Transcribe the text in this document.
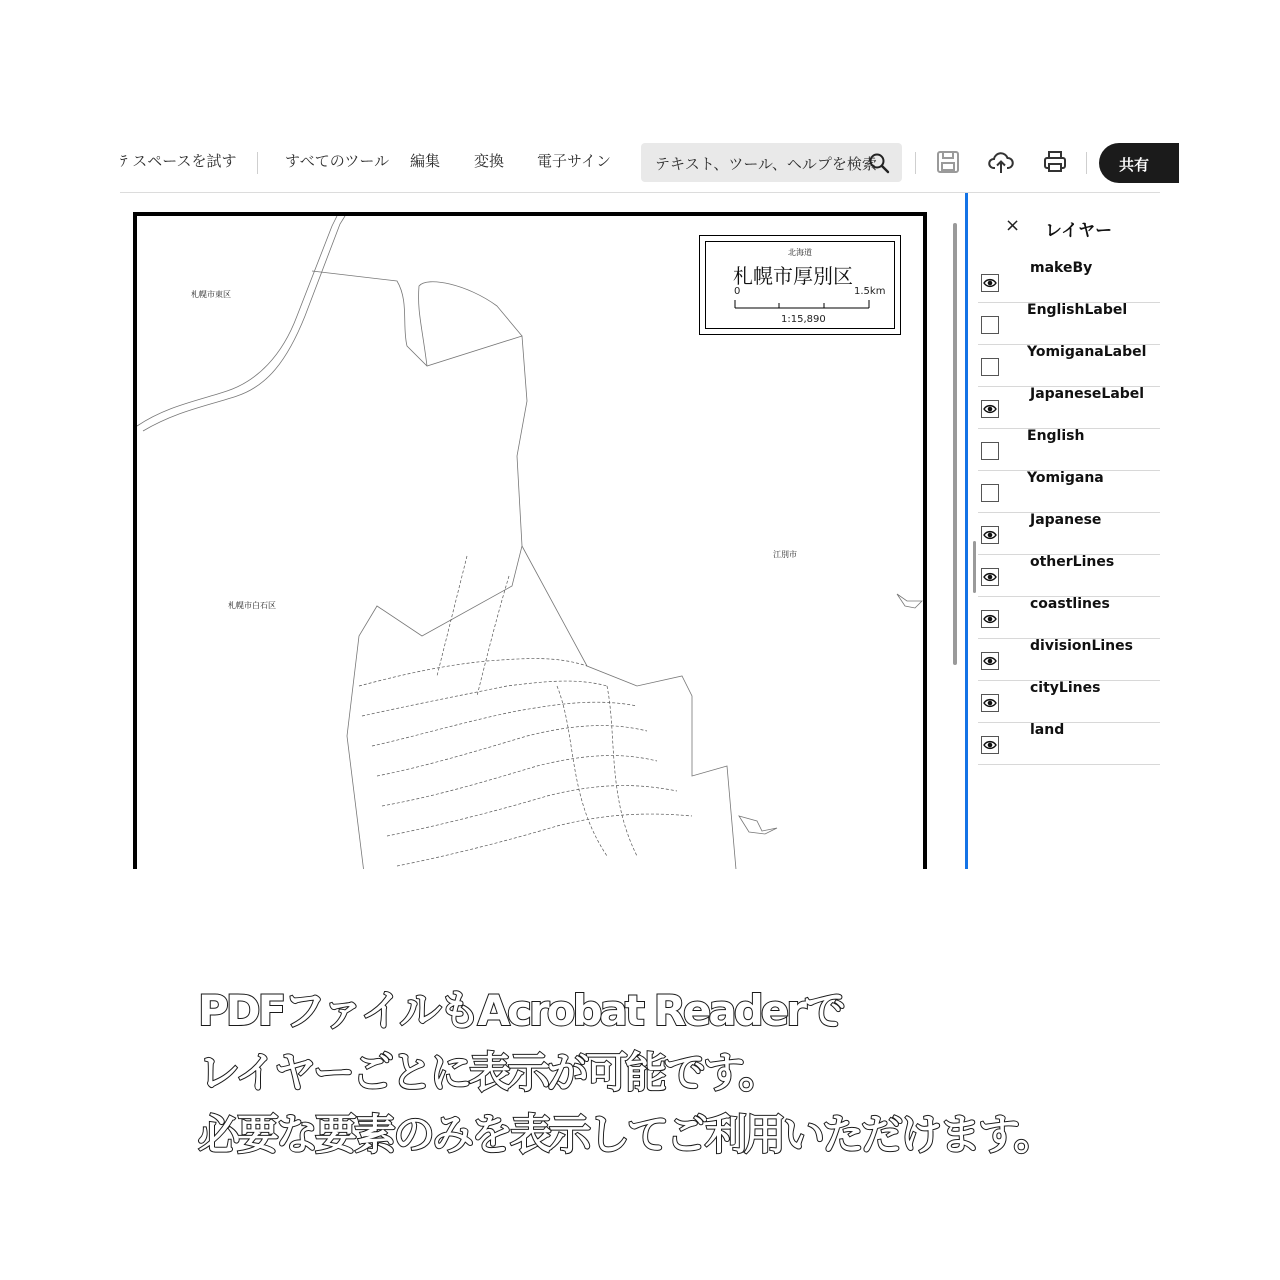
ﾃ スペースを試す	すべてのツール 編集 変換 電子サイン	テキスト、ツール、ヘルプを検索	共有
札幌市東区
札幌市白石区
江別市
北海道
札幌市厚別区
0	1.5km
1:15,890
× レイヤー
makeBy
EnglishLabel
YomiganaLabel
JapaneseLabel
English
Yomigana
Japanese
otherLines
coastlines
divisionLines
cityLines
land
PDFファイルもAcrobat Readerで
レイヤーごとに表示が可能です。
必要な要素のみを表示してご利用いただけます。
